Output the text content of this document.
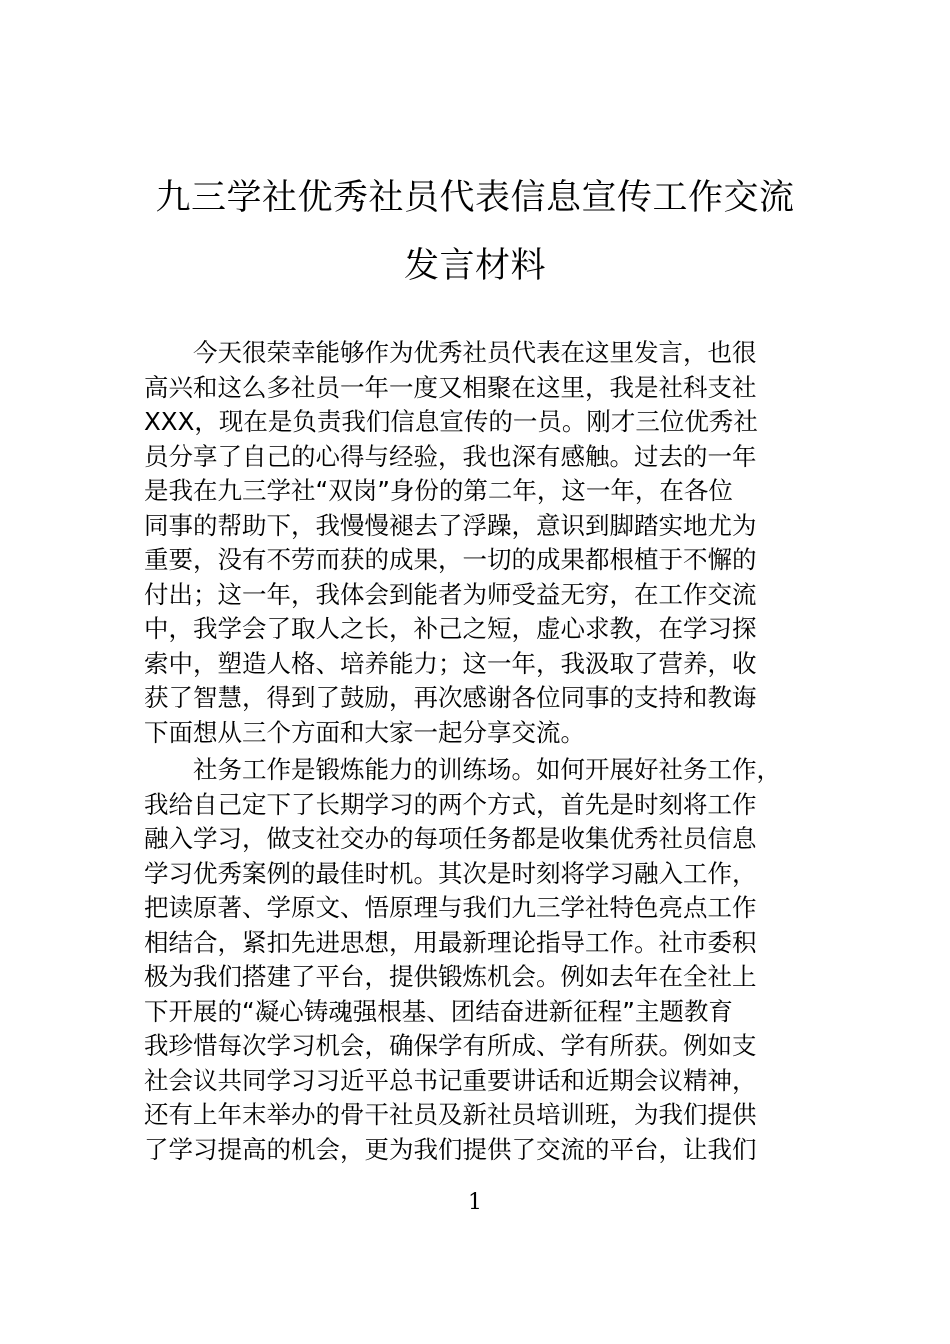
九三学社优秀社员代表信息宣传工作交流
发言材料
今天很荣幸能够作为优秀社员代表在这里发言，也很
高兴和这么多社员一年一度又相聚在这里，我是社科支社
XXX，现在是负责我们信息宣传的一员。刚才三位优秀社
员分享了自己的心得与经验，我也深有感触。过去的一年
是我在九三学社“双岗”身份的第二年，这一年，在各位
同事的帮助下，我慢慢褪去了浮躁，意识到脚踏实地尤为
重要，没有不劳而获的成果，一切的成果都根植于不懈的
付出；这一年，我体会到能者为师受益无穷，在工作交流
中，我学会了取人之长，补己之短，虚心求教，在学习探
索中，塑造人格、培养能力；这一年，我汲取了营养，收
获了智慧，得到了鼓励，再次感谢各位同事的支持和教诲
下面想从三个方面和大家一起分享交流。
社务工作是锻炼能力的训练场。如何开展好社务工作，
我给自己定下了长期学习的两个方式，首先是时刻将工作
融入学习，做支社交办的每项任务都是收集优秀社员信息
学习优秀案例的最佳时机。其次是时刻将学习融入工作，
把读原著、学原文、悟原理与我们九三学社特色亮点工作
相结合，紧扣先进思想，用最新理论指导工作。社市委积
极为我们搭建了平台，提供锻炼机会。例如去年在全社上
下开展的“凝心铸魂强根基、团结奋进新征程”主题教育
我珍惜每次学习机会，确保学有所成、学有所获。例如支
社会议共同学习习近平总书记重要讲话和近期会议精神，
还有上年末举办的骨干社员及新社员培训班，为我们提供
了学习提高的机会，更为我们提供了交流的平台，让我们
1
